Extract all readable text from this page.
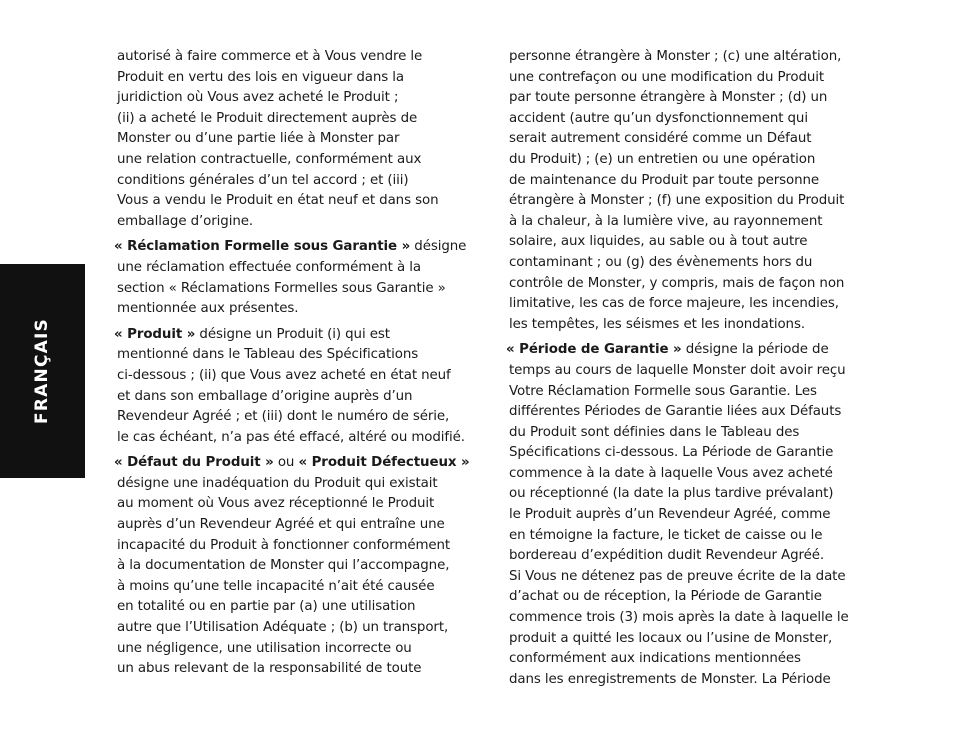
FRANÇAIS
autorisé à faire commerce et à Vous vendre le
Produit en vertu des lois en vigueur dans la
juridiction où Vous avez acheté le Produit ;
(ii) a acheté le Produit directement auprès de
Monster ou d’une partie liée à Monster par
une relation contractuelle, conformément aux
conditions générales d’un tel accord ; et (iii)
Vous a vendu le Produit en état neuf et dans son
emballage d’origine.
« Réclamation Formelle sous Garantie » désigne
une réclamation effectuée conformément à la
section « Réclamations Formelles sous Garantie »
mentionnée aux présentes.
« Produit » désigne un Produit (i) qui est
mentionné dans le Tableau des Spécifications
ci-dessous ; (ii) que Vous avez acheté en état neuf
et dans son emballage d’origine auprès d’un
Revendeur Agréé ; et (iii) dont le numéro de série,
le cas échéant, n’a pas été effacé, altéré ou modifié.
« Défaut du Produit » ou « Produit Défectueux »
désigne une inadéquation du Produit qui existait
au moment où Vous avez réceptionné le Produit
auprès d’un Revendeur Agréé et qui entraîne une
incapacité du Produit à fonctionner conformément
à la documentation de Monster qui l’accompagne,
à moins qu’une telle incapacité n’ait été causée
en totalité ou en partie par (a) une utilisation
autre que l’Utilisation Adéquate ; (b) un transport,
une négligence, une utilisation incorrecte ou
un abus relevant de la responsabilité de toute
personne étrangère à Monster ; (c) une altération,
une contrefaçon ou une modification du Produit
par toute personne étrangère à Monster ; (d) un
accident (autre qu’un dysfonctionnement qui
serait autrement considéré comme un Défaut
du Produit) ; (e) un entretien ou une opération
de maintenance du Produit par toute personne
étrangère à Monster ; (f) une exposition du Produit
à la chaleur, à la lumière vive, au rayonnement
solaire, aux liquides, au sable ou à tout autre
contaminant ; ou (g) des évènements hors du
contrôle de Monster, y compris, mais de façon non
limitative, les cas de force majeure, les incendies,
les tempêtes, les séismes et les inondations.
« Période de Garantie » désigne la période de
temps au cours de laquelle Monster doit avoir reçu
Votre Réclamation Formelle sous Garantie. Les
différentes Périodes de Garantie liées aux Défauts
du Produit sont définies dans le Tableau des
Spécifications ci-dessous. La Période de Garantie
commence à la date à laquelle Vous avez acheté
ou réceptionné (la date la plus tardive prévalant)
le Produit auprès d’un Revendeur Agréé, comme
en témoigne la facture, le ticket de caisse ou le
bordereau d’expédition dudit Revendeur Agréé.
Si Vous ne détenez pas de preuve écrite de la date
d’achat ou de réception, la Période de Garantie
commence trois (3) mois après la date à laquelle le
produit a quitté les locaux ou l’usine de Monster,
conformément aux indications mentionnées
dans les enregistrements de Monster. La Période
